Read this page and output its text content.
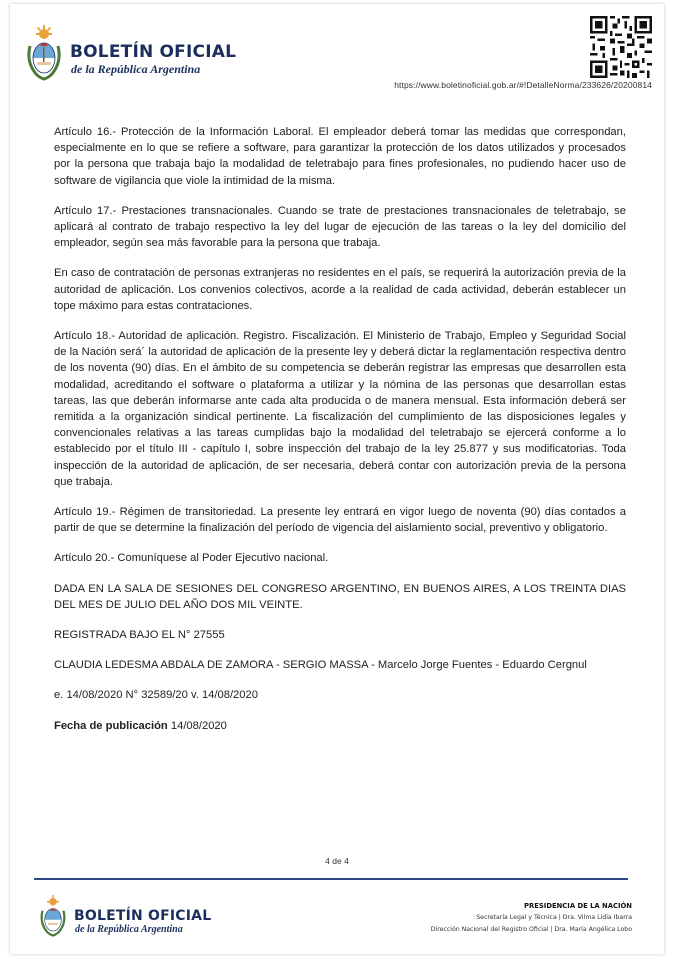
BOLETÍN OFICIAL
de la República Argentina
https://www.boletinoficial.gob.ar/#!DetalleNorma/233626/20200814

Artículo 16.- Protección de la Información Laboral. El empleador deberá tomar las medidas que correspondan, especialmente en lo que se refiere a software, para garantizar la protección de los datos utilizados y procesados por la persona que trabaja bajo la modalidad de teletrabajo para fines profesionales, no pudiendo hacer uso de software de vigilancia que viole la intimidad de la misma.

Artículo 17.- Prestaciones transnacionales. Cuando se trate de prestaciones transnacionales de teletrabajo, se aplicará al contrato de trabajo respectivo la ley del lugar de ejecución de las tareas o la ley del domicilio del empleador, según sea más favorable para la persona que trabaja.

En caso de contratación de personas extranjeras no residentes en el país, se requerirá la autorización previa de la autoridad de aplicación. Los convenios colectivos, acorde a la realidad de cada actividad, deberán establecer un tope máximo para estas contrataciones.

Artículo 18.- Autoridad de aplicación. Registro. Fiscalización. El Ministerio de Trabajo, Empleo y Seguridad Social de la Nación será´ la autoridad de aplicación de la presente ley y deberá dictar la reglamentación respectiva dentro de los noventa (90) días. En el ámbito de su competencia se deberán registrar las empresas que desarrollen esta modalidad, acreditando el software o plataforma a utilizar y la nómina de las personas que desarrollan estas tareas, las que deberán informarse ante cada alta producida o de manera mensual. Esta información deberá ser remitida a la organización sindical pertinente. La fiscalización del cumplimiento de las disposiciones legales y convencionales relativas a las tareas cumplidas bajo la modalidad del teletrabajo se ejercerá conforme a lo establecido por el título III - capítulo I, sobre inspección del trabajo de la ley 25.877 y sus modificatorias. Toda inspección de la autoridad de aplicación, de ser necesaria, deberá contar con autorización previa de la persona que trabaja.

Artículo 19.- Régimen de transitoriedad. La presente ley entrará en vigor luego de noventa (90) días contados a partir de que se determine la finalización del período de vigencia del aislamiento social, preventivo y obligatorio.

Artículo 20.- Comuníquese al Poder Ejecutivo nacional.

DADA EN LA SALA DE SESIONES DEL CONGRESO ARGENTINO, EN BUENOS AIRES, A LOS TREINTA DIAS DEL MES DE JULIO DEL AÑO DOS MIL VEINTE.

REGISTRADA BAJO EL N° 27555

CLAUDIA LEDESMA ABDALA DE ZAMORA - SERGIO MASSA - Marcelo Jorge Fuentes - Eduardo Cergnul

e. 14/08/2020 N° 32589/20 v. 14/08/2020

Fecha de publicación 14/08/2020

4 de 4
BOLETÍN OFICIAL
de la República Argentina
PRESIDENCIA DE LA NACIÓN
Secretaría Legal y Técnica | Dra. Vilma Lidia Ibarra
Dirección Nacional del Registro Oficial | Dra. María Angélica Lobo
